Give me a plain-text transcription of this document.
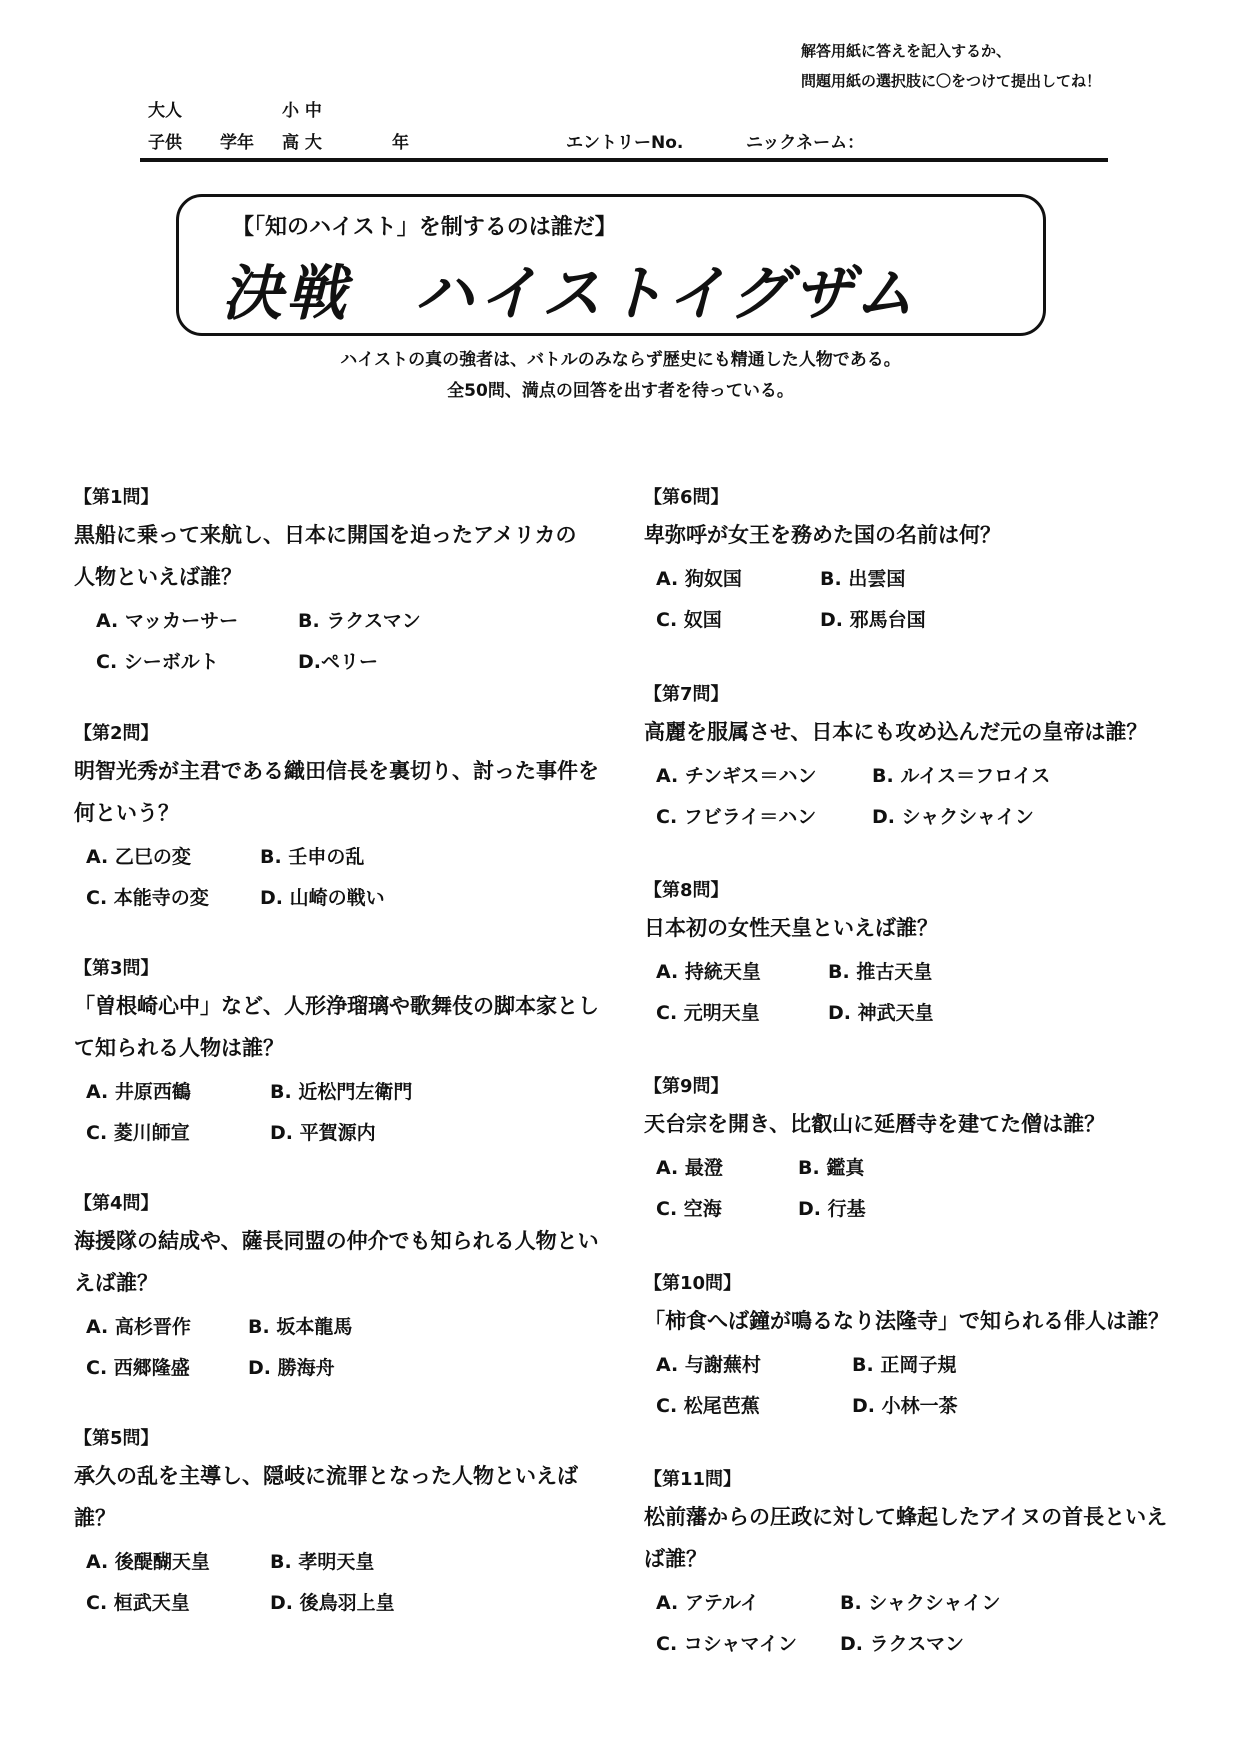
解答用紙に答えを記入するか、
問題用紙の選択肢に〇をつけて提出してね！
大人
子供 学年
小 中
高 大	年	エントリーNo.	ニックネーム：
【「知のハイスト」を制するのは誰だ】
決戦　ハイストイグザム
ハイストの真の強者は、バトルのみならず歴史にも精通した人物である。
全50問、満点の回答を出す者を待っている。
【第1問】
黒船に乗って来航し、日本に開国を迫ったアメリカの人物といえば誰？
A. マッカーサー	B. ラクスマン
C. シーボルト	D.ペリー
【第2問】
明智光秀が主君である織田信長を裏切り、討った事件を何という？
A. 乙巳の変	B. 壬申の乱
C. 本能寺の変	D. 山崎の戦い
【第3問】
「曽根崎心中」など、人形浄瑠璃や歌舞伎の脚本家として知られる人物は誰？
A. 井原西鶴	B. 近松門左衛門
C. 菱川師宣	D. 平賀源内
【第4問】
海援隊の結成や、薩長同盟の仲介でも知られる人物といえば誰？
A. 高杉晋作	B. 坂本龍馬
C. 西郷隆盛	D. 勝海舟
【第5問】
承久の乱を主導し、隠岐に流罪となった人物といえば誰？
A. 後醍醐天皇	B. 孝明天皇
C. 桓武天皇	D. 後鳥羽上皇
【第6問】
卑弥呼が女王を務めた国の名前は何？
A. 狗奴国	B. 出雲国
C. 奴国	D. 邪馬台国
【第7問】
高麗を服属させ、日本にも攻め込んだ元の皇帝は誰？
A. チンギス＝ハン	B. ルイス＝フロイス
C. フビライ＝ハン	D. シャクシャイン
【第8問】
日本初の女性天皇といえば誰？
A. 持統天皇	B. 推古天皇
C. 元明天皇	D. 神武天皇
【第9問】
天台宗を開き、比叡山に延暦寺を建てた僧は誰？
A. 最澄	B. 鑑真
C. 空海	D. 行基
【第10問】
「柿食へば鐘が鳴るなり法隆寺」で知られる俳人は誰？
A. 与謝蕪村	B. 正岡子規
C. 松尾芭蕉	D. 小林一茶
【第11問】
松前藩からの圧政に対して蜂起したアイヌの首長といえば誰？
A. アテルイ	B. シャクシャイン
C. コシャマイン D. ラクスマン
